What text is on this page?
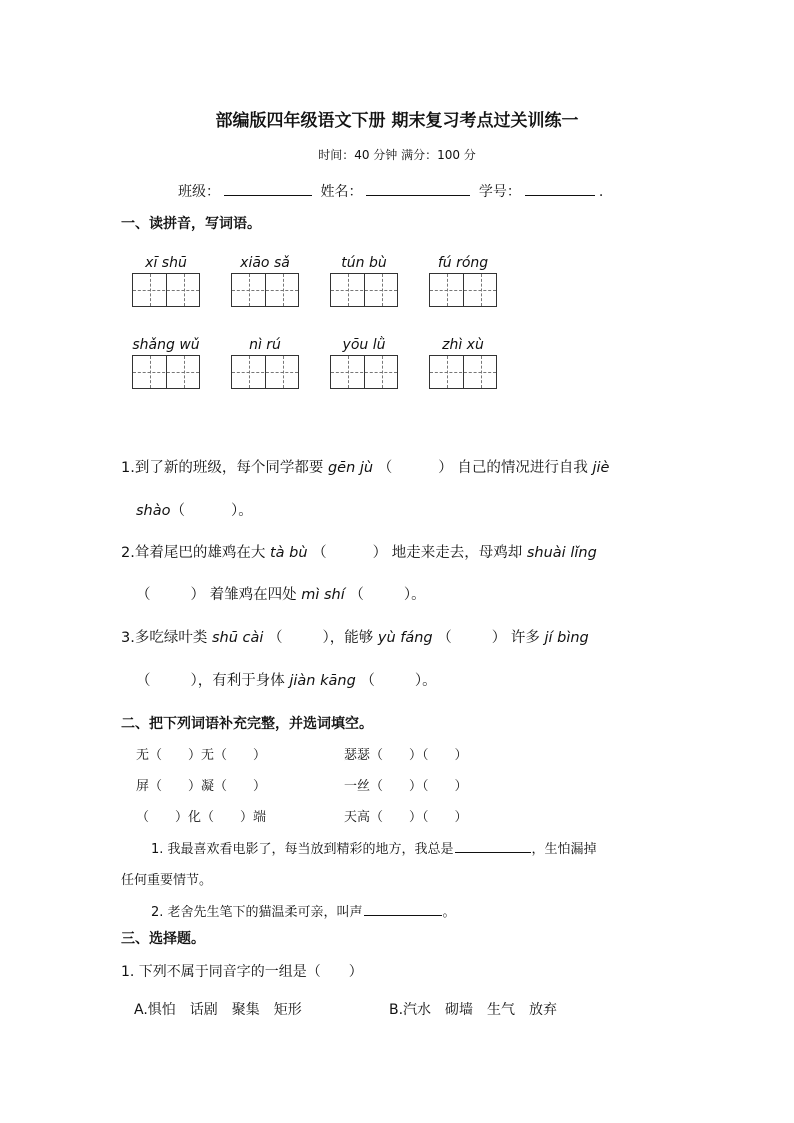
部编版四年级语文下册 期末复习考点过关训练一
时间：40 分钟 满分：100 分
班级：	姓名：	学号：	.
一、读拼音，写词语。
xī shū	xiāo sǎ	tún bù	fú róng
shǎng wǔ	nì rú	yōu lǜ	zhì xù
1.到了新的班级，每个同学都要 gēn jù （	） 自己的情况进行自我 jiè
shào（	）。
2.耸着尾巴的雄鸡在大 tà bù （	） 地走来走去，母鸡却 shuài lǐng
（	） 着雏鸡在四处 mì shí （	）。
3.多吃绿叶类 shū cài （	），能够 yù fáng （	） 许多 jí bìng
（	），有利于身体 jiàn kāng （	）。
二、把下列词语补充完整，并选词填空。
无（　　）无（　　）	瑟瑟（　　）（　　）
屏（　　）凝（　　）	一丝（　　）（　　）
（　　）化（　　）端	天高（　　）（　　）
1. 我最喜欢看电影了，每当放到精彩的地方，我总是	，生怕漏掉
任何重要情节。
2. 老舍先生笔下的猫温柔可亲，叫声	。
三、选择题。
1. 下列不属于同音字的一组是（　　）
A.惧怕　话剧　聚集　矩形	B.汽水　砌墙　生气　放弃
